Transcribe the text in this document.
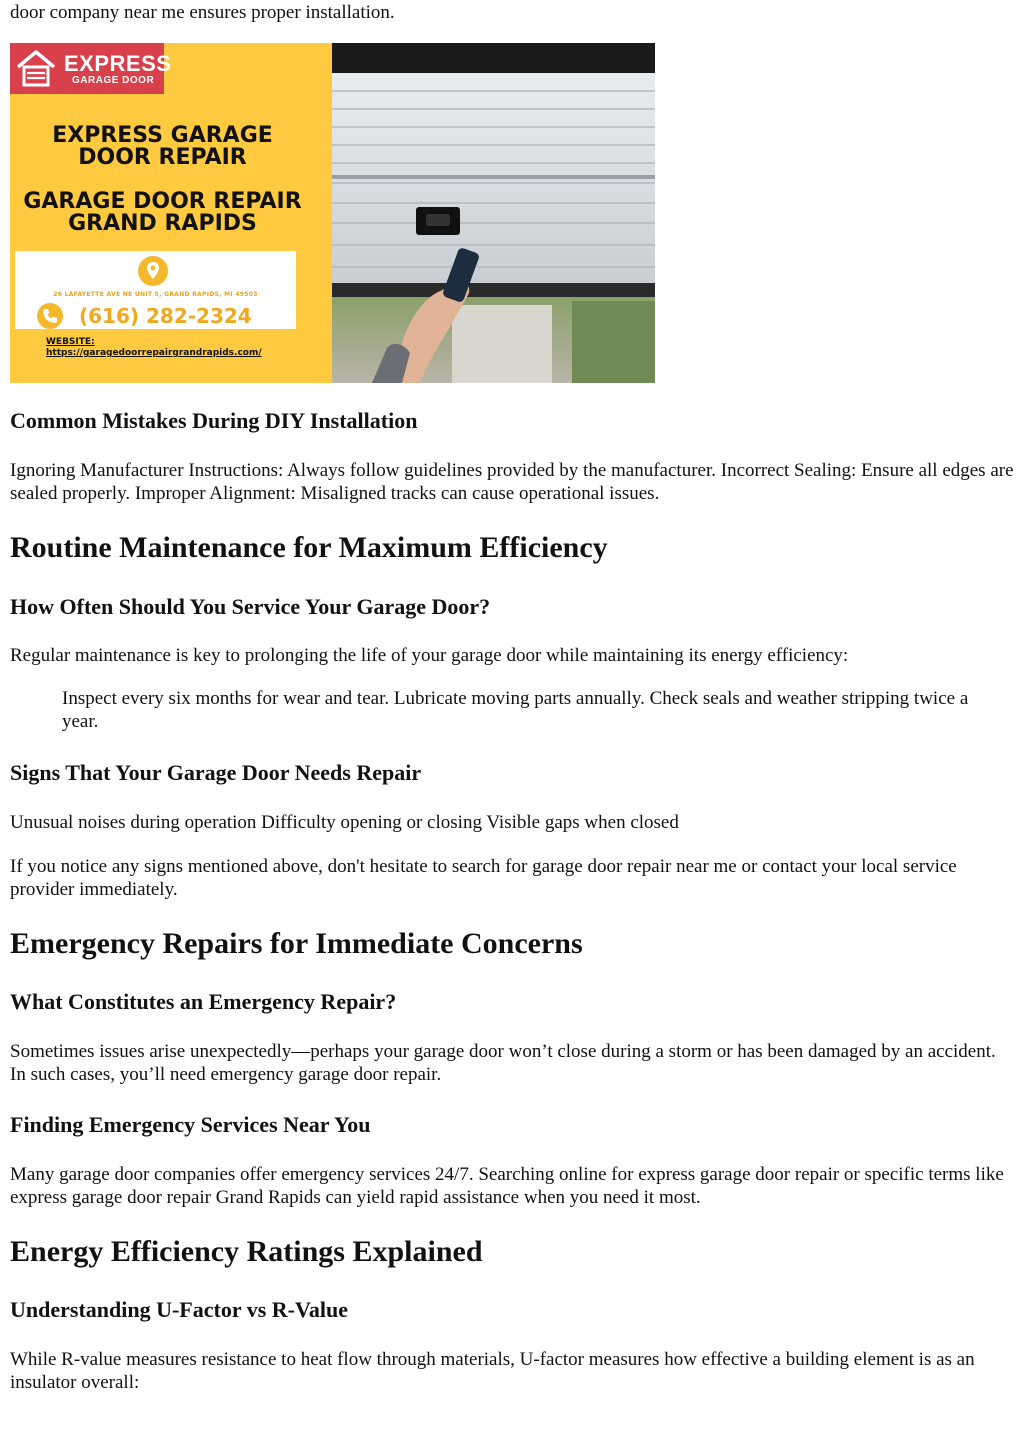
door company near me ensures proper installation.

EXPRESS
GARAGE DOOR
EXPRESS GARAGE
DOOR REPAIR
GARAGE DOOR REPAIR
GRAND RAPIDS
26 LAFAYETTE AVE NE UNIT 5, GRAND RAPIDS, MI 49503
(616) 282-2324
WEBSITE:
https://garagedoorrepairgrandrapids.com/
Common Mistakes During DIY Installation

Ignoring Manufacturer Instructions: Always follow guidelines provided by the manufacturer. Incorrect Sealing: Ensure all edges are sealed properly. Improper Alignment: Misaligned tracks can cause operational issues.

Routine Maintenance for Maximum Efficiency
How Often Should You Service Your Garage Door?

Regular maintenance is key to prolonging the life of your garage door while maintaining its energy efficiency:

Inspect every six months for wear and tear. Lubricate moving parts annually. Check seals and weather stripping twice a year.

Signs That Your Garage Door Needs Repair

Unusual noises during operation Difficulty opening or closing Visible gaps when closed

If you notice any signs mentioned above, don't hesitate to search for garage door repair near me or contact your local service provider immediately.

Emergency Repairs for Immediate Concerns
What Constitutes an Emergency Repair?

Sometimes issues arise unexpectedly—perhaps your garage door won’t close during a storm or has been damaged by an accident. In such cases, you’ll need emergency garage door repair.

Finding Emergency Services Near You

Many garage door companies offer emergency services 24/7. Searching online for express garage door repair or specific terms like express garage door repair Grand Rapids can yield rapid assistance when you need it most.

Energy Efficiency Ratings Explained
Understanding U-Factor vs R-Value

While R-value measures resistance to heat flow through materials, U-factor measures how effective a building element is as an insulator overall:
